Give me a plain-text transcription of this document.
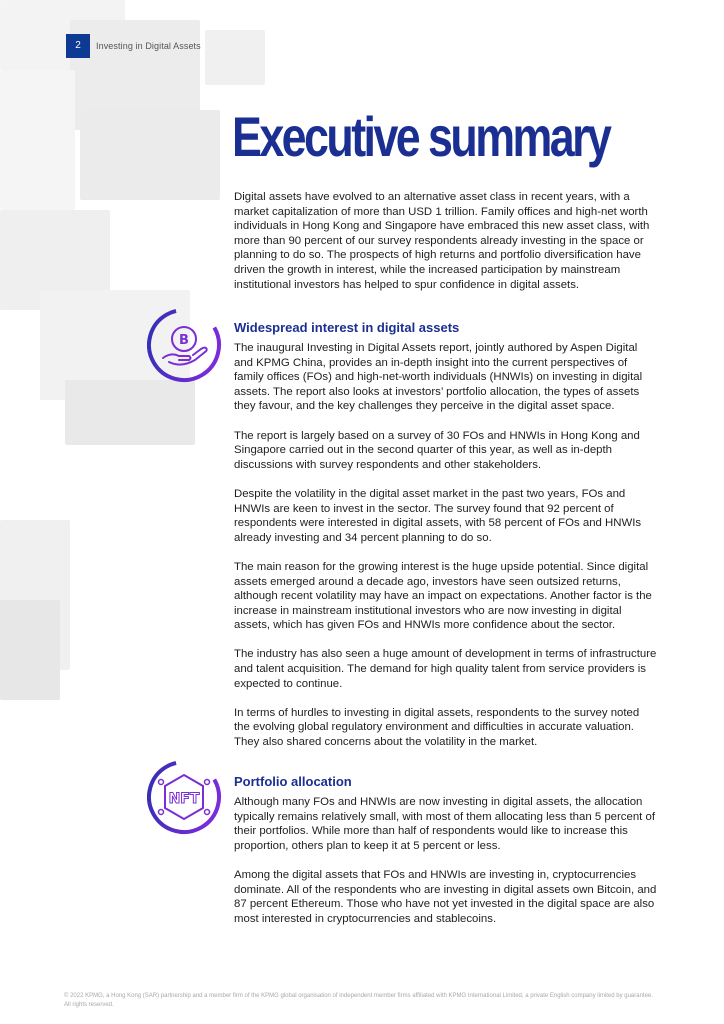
2	Investing in Digital Assets
Executive summary

Digital assets have evolved to an alternative asset class in recent years, with a market capitalization of more than USD 1 trillion. Family offices and high-net worth individuals in Hong Kong and Singapore have embraced this new asset class, with more than 90 percent of our survey respondents already investing in the space or planning to do so. The prospects of high returns and portfolio diversification have driven the growth in interest, while the increased participation by mainstream institutional investors has helped to spur confidence in digital assets.

B
Widespread interest in digital assets

The inaugural Investing in Digital Assets report, jointly authored by Aspen Digital and KPMG China, provides an in-depth insight into the current perspectives of family offices (FOs) and high-net-worth individuals (HNWIs) on investing in digital assets. The report also looks at investors’ portfolio allocation, the types of assets they favour, and the key challenges they perceive in the digital asset space.

The report is largely based on a survey of 30 FOs and HNWIs in Hong Kong and Singapore carried out in the second quarter of this year, as well as in-depth discussions with survey respondents and other stakeholders.

Despite the volatility in the digital asset market in the past two years, FOs and HNWIs are keen to invest in the sector. The survey found that 92 percent of respondents were interested in digital assets, with 58 percent of FOs and HNWIs already investing and 34 percent planning to do so.

The main reason for the growing interest is the huge upside potential. Since digital assets emerged around a decade ago, investors have seen outsized returns, although recent volatility may have an impact on expectations. Another factor is the increase in mainstream institutional investors who are now investing in digital assets, which has given FOs and HNWIs more confidence about the sector.

The industry has also seen a huge amount of development in terms of infrastructure and talent acquisition. The demand for high quality talent from service providers is expected to continue.

In terms of hurdles to investing in digital assets, respondents to the survey noted the evolving global regulatory environment and difficulties in accurate valuation. They also shared concerns about the volatility in the market.

NFT
Portfolio allocation

Although many FOs and HNWIs are now investing in digital assets, the allocation typically remains relatively small, with most of them allocating less than 5 percent of their portfolios. While more than half of respondents would like to increase this proportion, others plan to keep it at 5 percent or less.

Among the digital assets that FOs and HNWIs are investing in, cryptocurrencies dominate. All of the respondents who are investing in digital assets own Bitcoin, and 87 percent Ethereum. Those who have not yet invested in the digital space are also most interested in cryptocurrencies and stablecoins.

© 2022 KPMG, a Hong Kong (SAR) partnership and a member firm of the KPMG global organisation of independent member firms affiliated with KPMG International Limited, a private English company limited by guarantee. All rights reserved.
